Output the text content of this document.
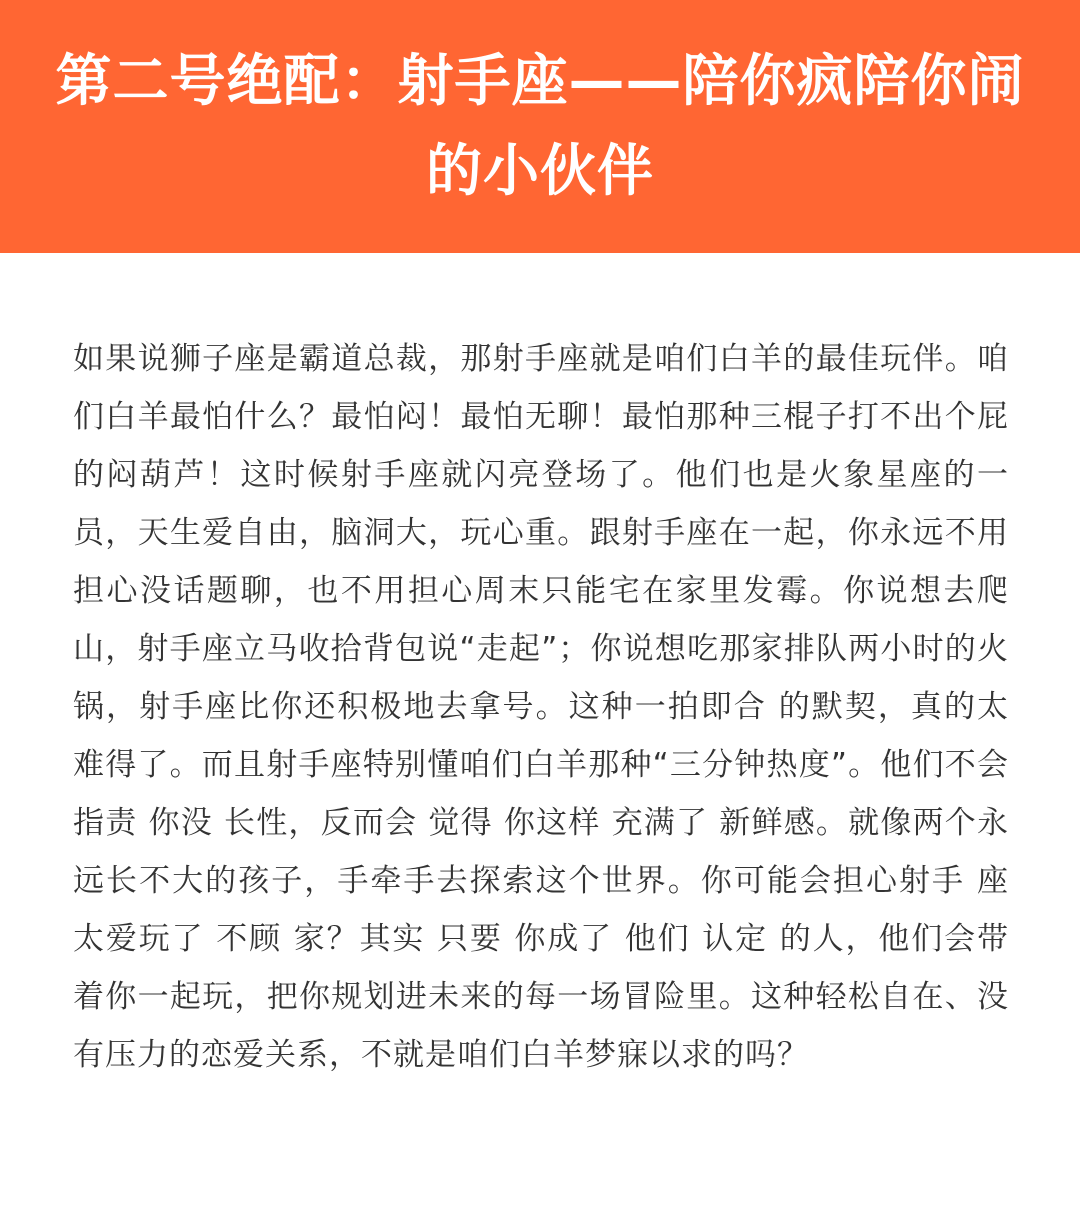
第二号绝配：射手座——陪你疯陪你闹的小伙伴

如果说狮子座是霸道总裁，那射手座就是咱们白羊的最佳玩伴。咱们白羊最怕什么？最怕闷！最怕无聊！最怕那种三棍子打不出个屁的闷葫芦！这时候射手座就闪亮登场了。他们也是火象星座的一员，天生爱自由，脑洞大，玩心重。跟射手座在一起，你永远不用担心没话题聊，也不用担心周末只能宅在家里发霉。你说想去爬山，射手座立马收拾背包说“走起”；你说想吃那家排队两小时的火锅，射手座比你还积极地去拿号。这种一拍即合 的默契，真的太难得了。而且射手座特别懂咱们白羊那种“三分钟热度”。他们不会 指责 你没 长性，反而会 觉得 你这样 充满了 新鲜感。就像两个永远长不大的孩子，手牵手去探索这个世界。你可能会担心射手 座太爱玩了 不顾 家？其实 只要 你成了 他们 认定 的人，他们会带着你一起玩，把你规划进未来的每一场冒险里。这种轻松自在、没有压力的恋爱关系，不就是咱们白羊梦寐以求的吗？
